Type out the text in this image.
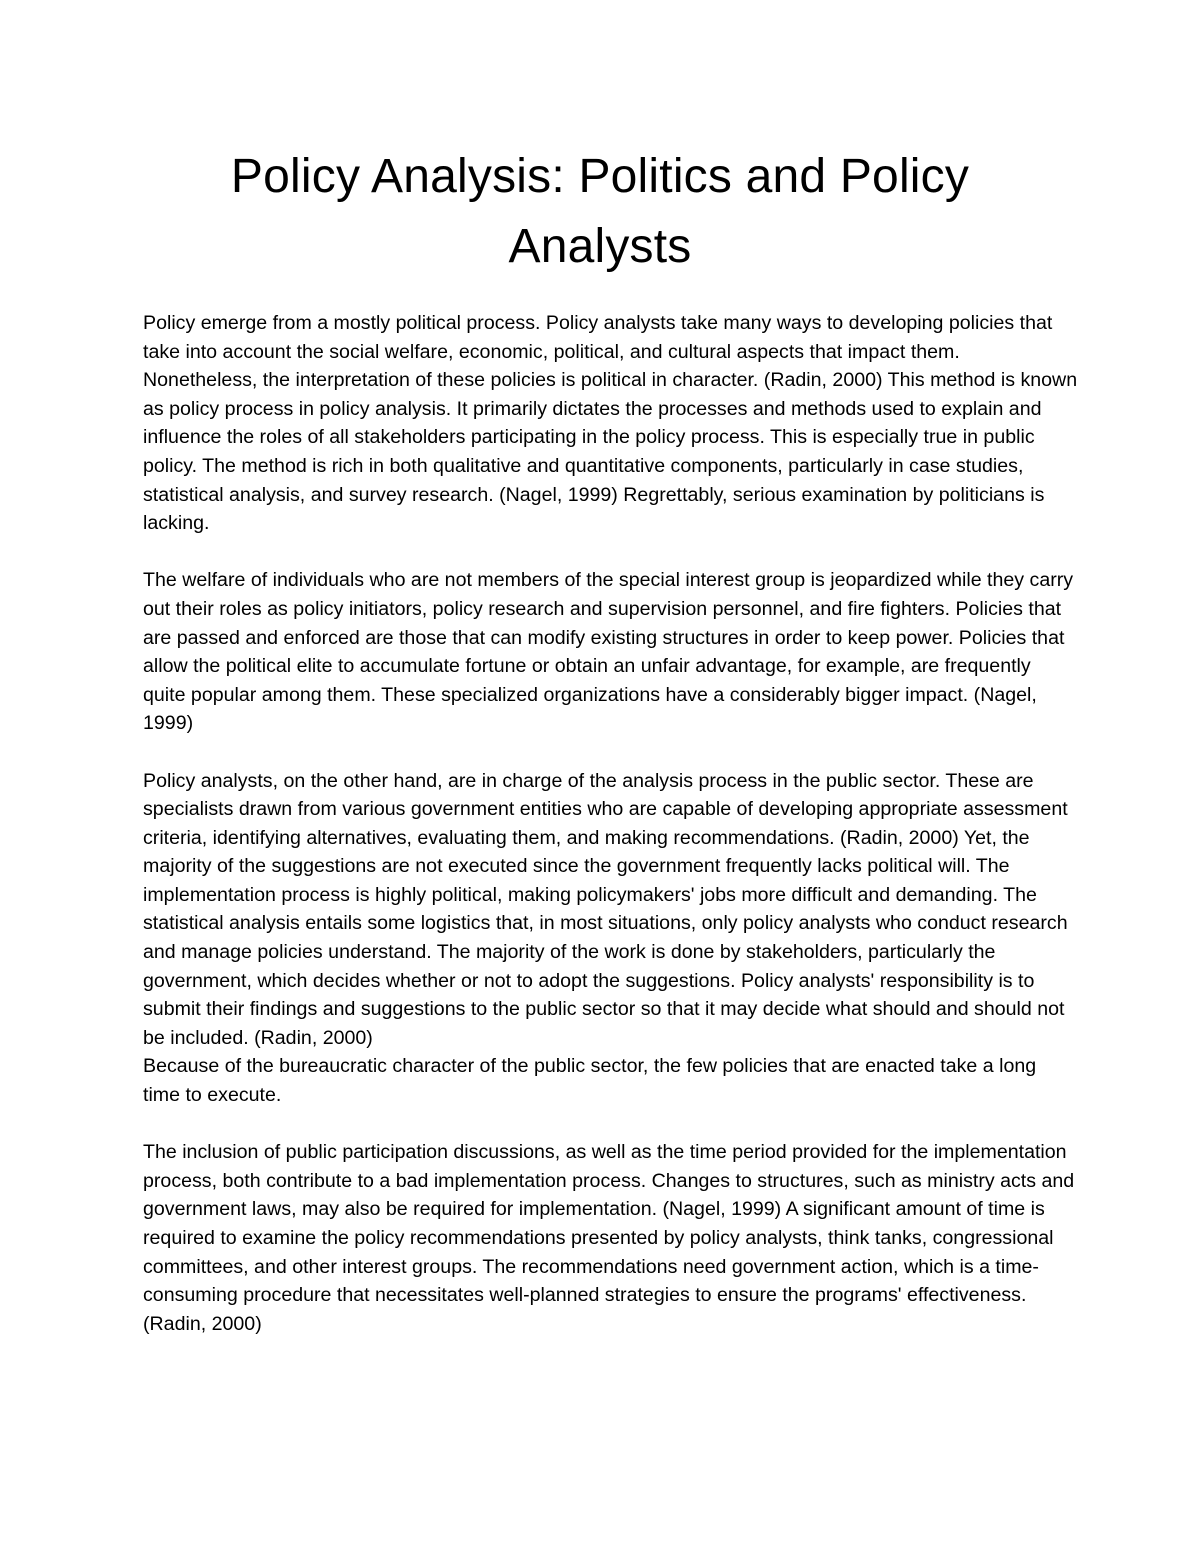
Policy Analysis: Politics and Policy
Analysts

Policy emerge from a mostly political process. Policy analysts take many ways to developing policies that take into account the social welfare, economic, political, and cultural aspects that impact them. Nonetheless, the interpretation of these policies is political in character. (Radin, 2000) This method is known as policy process in policy analysis. It primarily dictates the processes and methods used to explain and influence the roles of all stakeholders participating in the policy process. This is especially true in public policy. The method is rich in both qualitative and quantitative components, particularly in case studies, statistical analysis, and survey research. (Nagel, 1999) Regrettably, serious examination by politicians is lacking.

The welfare of individuals who are not members of the special interest group is jeopardized while they carry out their roles as policy initiators, policy research and supervision personnel, and fire fighters. Policies that are passed and enforced are those that can modify existing structures in order to keep power. Policies that allow the political elite to accumulate fortune or obtain an unfair advantage, for example, are frequently quite popular among them. These specialized organizations have a considerably bigger impact. (Nagel, 1999)

Policy analysts, on the other hand, are in charge of the analysis process in the public sector. These are specialists drawn from various government entities who are capable of developing appropriate assessment criteria, identifying alternatives, evaluating them, and making recommendations. (Radin, 2000) Yet, the majority of the suggestions are not executed since the government frequently lacks political will. The implementation process is highly political, making policymakers' jobs more difficult and demanding. The statistical analysis entails some logistics that, in most situations, only policy analysts who conduct research and manage policies understand. The majority of the work is done by stakeholders, particularly the government, which decides whether or not to adopt the suggestions. Policy analysts' responsibility is to submit their findings and suggestions to the public sector so that it may decide what should and should not be included. (Radin, 2000)

Because of the bureaucratic character of the public sector, the few policies that are enacted take a long time to execute.

The inclusion of public participation discussions, as well as the time period provided for the implementation process, both contribute to a bad implementation process. Changes to structures, such as ministry acts and government laws, may also be required for implementation. (Nagel, 1999) A significant amount of time is required to examine the policy recommendations presented by policy analysts, think tanks, congressional committees, and other interest groups. The recommendations need government action, which is a time-consuming procedure that necessitates well-planned strategies to ensure the programs' effectiveness. (Radin, 2000)
